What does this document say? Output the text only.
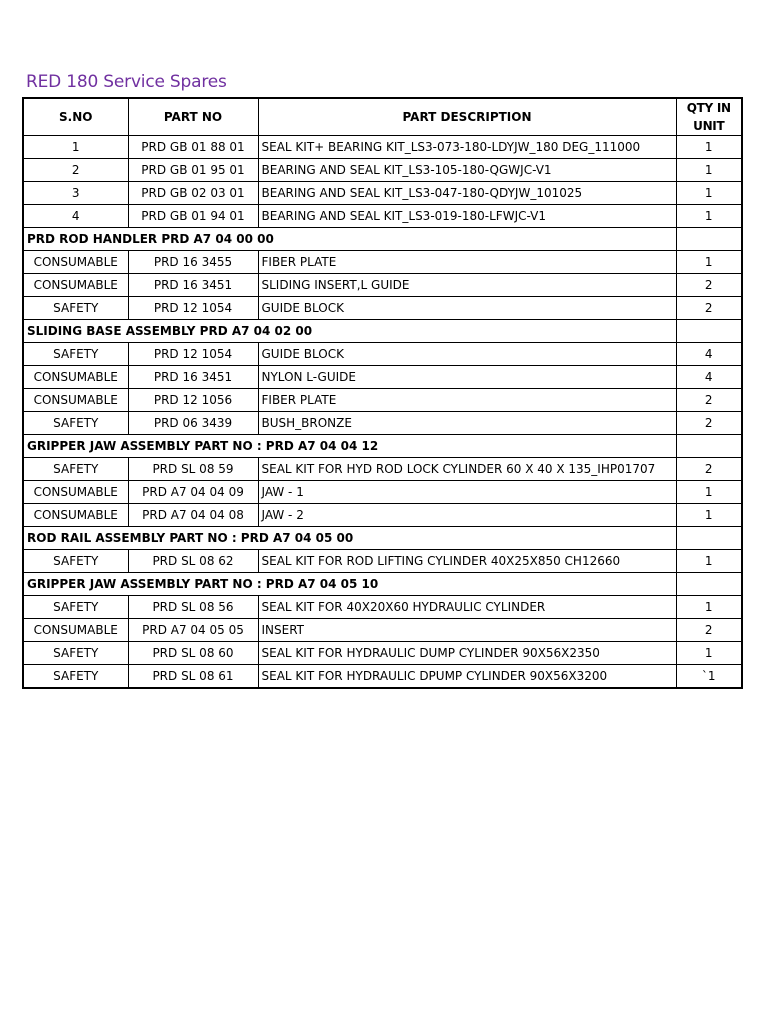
RED 180 Service Spares
S.NO	PART NO	PART DESCRIPTION	QTY IN UNIT
1	PRD GB 01 88 01	SEAL KIT+ BEARING KIT_LS3-073-180-LDYJW_180 DEG_111000	1
2	PRD GB 01 95 01	BEARING AND SEAL KIT_LS3-105-180-QGWJC-V1	1
3	PRD GB 02 03 01	BEARING AND SEAL KIT_LS3-047-180-QDYJW_101025	1
4	PRD GB 01 94 01	BEARING AND SEAL KIT_LS3-019-180-LFWJC-V1	1
PRD ROD HANDLER PRD A7 04 00 00			
CONSUMABLE	PRD 16 3455	FIBER PLATE	1
CONSUMABLE	PRD 16 3451	SLIDING INSERT,L GUIDE	2
SAFETY	PRD 12 1054	GUIDE BLOCK	2
SLIDING BASE ASSEMBLY PRD A7 04 02 00			
SAFETY	PRD 12 1054	GUIDE BLOCK	4
CONSUMABLE	PRD 16 3451	NYLON L-GUIDE	4
CONSUMABLE	PRD 12 1056	FIBER PLATE	2
SAFETY	PRD 06 3439	BUSH_BRONZE	2
GRIPPER JAW ASSEMBLY PART NO : PRD A7 04 04 12			
SAFETY	PRD SL 08 59	SEAL KIT FOR HYD ROD LOCK CYLINDER 60 X 40 X 135_IHP01707	2
CONSUMABLE	PRD A7 04 04 09	JAW - 1	1
CONSUMABLE	PRD A7 04 04 08	JAW - 2	1
ROD RAIL ASSEMBLY PART NO : PRD A7 04 05 00			
SAFETY	PRD SL 08 62	SEAL KIT FOR ROD LIFTING CYLINDER 40X25X850 CH12660	1
GRIPPER JAW ASSEMBLY PART NO : PRD A7 04 05 10			
SAFETY	PRD SL 08 56	SEAL KIT FOR 40X20X60 HYDRAULIC CYLINDER	1
CONSUMABLE	PRD A7 04 05 05	INSERT	2
SAFETY	PRD SL 08 60	SEAL KIT FOR HYDRAULIC DUMP CYLINDER 90X56X2350	1
SAFETY	PRD SL 08 61	SEAL KIT FOR HYDRAULIC DPUMP CYLINDER 90X56X3200	`1
